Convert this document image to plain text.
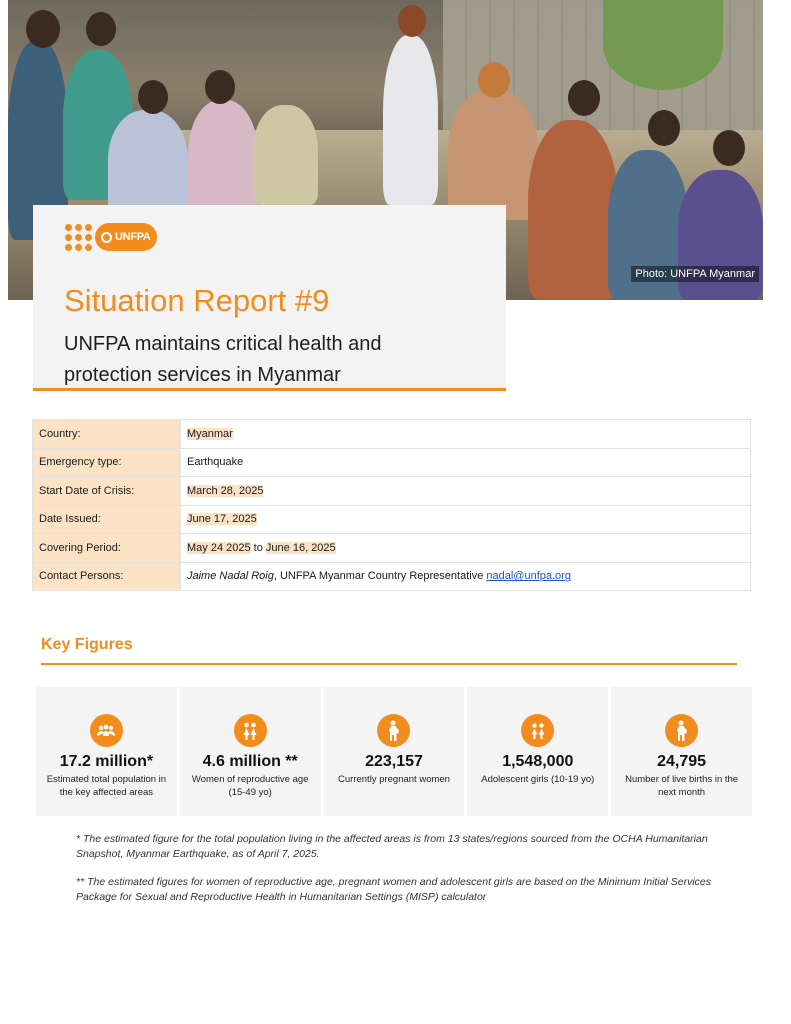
Photo: UNFPA Myanmar
UNFPA
Situation Report #9

UNFPA maintains critical health and protection services in Myanmar

Country:	Myanmar
Emergency type:	Earthquake
Start Date of Crisis:	March 28, 2025
Date Issued:	June 17, 2025
Covering Period:	May 24 2025 to June 16, 2025
Contact Persons:	Jaime Nadal Roig, UNFPA Myanmar Country Representative nadal@unfpa.org
Key Figures
17.2 million*
Estimated total population in the key affected areas
4.6 million **
Women of reproductive age (15-49 yo)
223,157
Currently pregnant women
1,548,000
Adolescent girls (10-19 yo)
24,795
Number of live births in the next month

* The estimated figure for the total population living in the affected areas is from 13 states/regions sourced from the OCHA Humanitarian Snapshot, Myanmar Earthquake, as of April 7, 2025.

** The estimated figures for women of reproductive age, pregnant women and adolescent girls are based on the Minimum Initial Services Package for Sexual and Reproductive Health in Humanitarian Settings (MISP) calculator
